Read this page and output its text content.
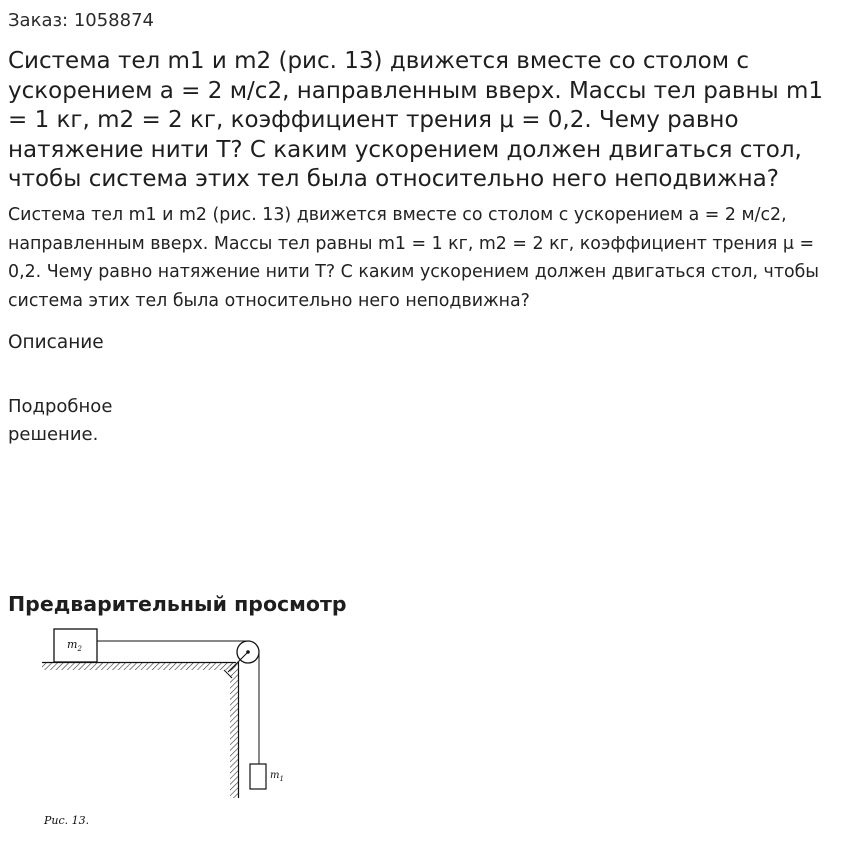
Заказ: 1058874
Система тел m1 и m2 (рис. 13) движется вместе со столом с ускорением а = 2 м/с2, направленным вверх. Массы тел равны m1 = 1 кг, m2 = 2 кг, коэффициент трения μ = 0,2. Чему равно натяжение нити Т? С каким ускорением должен двигаться стол, чтобы система этих тел была относительно него неподвижна?

Система тел m1 и m2 (рис. 13) движется вместе со столом с ускорением а = 2 м/с2, направленным вверх. Массы тел равны m1 = 1 кг, m2 = 2 кг, коэффициент трения μ = 0,2. Чему равно натяжение нити Т? С каким ускорением должен двигаться стол, чтобы система этих тел была относительно него неподвижна?

Описание
Подробное решение.
Предварительный просмотр
$m_2$
$m_1$
Рис. 13.
